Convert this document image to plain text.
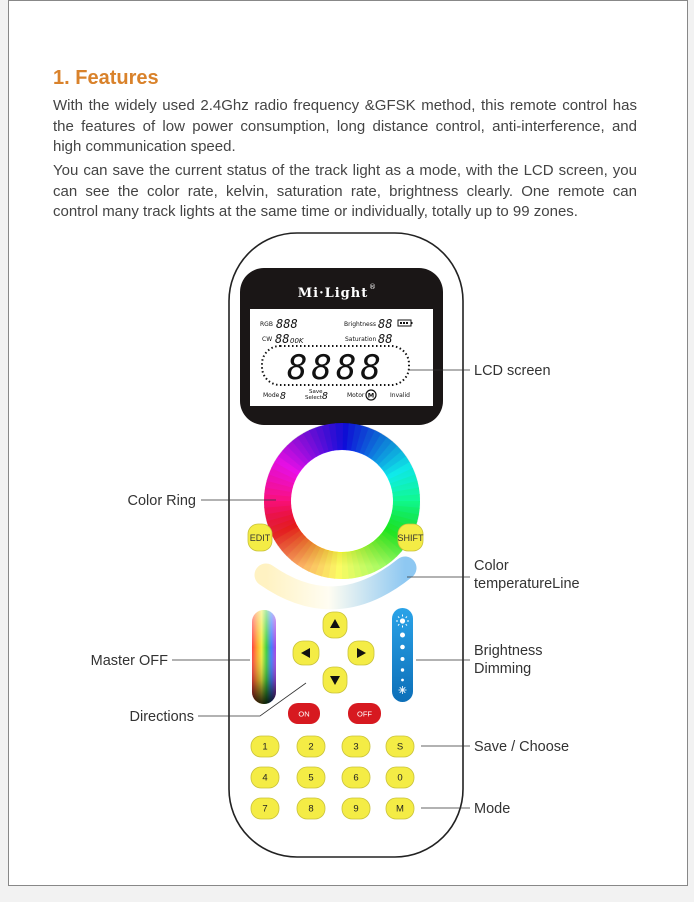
1. Features

With the widely used 2.4Ghz radio frequency &GFSK method, this remote control has the features of low power consumption, long distance control, anti-interference, and high communication speed.

You can save the current status of the track light as a mode, with the LCD screen, you can see the color rate, kelvin, saturation rate, brightness clearly. One remote can control many track lights at the same time or individually, totally up to 99 zones.

Mi·Light ®
RGB 888	Brightness 88
CW 88 00K	Saturation 88
8888
Mode 8	Save
Select 8	Motor M	Invalid
EDIT	SHIFT
ON	OFF
1	2	3	S
4	5	6	0
7	8	9	M
LCD screen
Color Ring
Color
temperatureLine
Master OFF
Brightness
Dimming
Directions
Save / Choose
Mode
